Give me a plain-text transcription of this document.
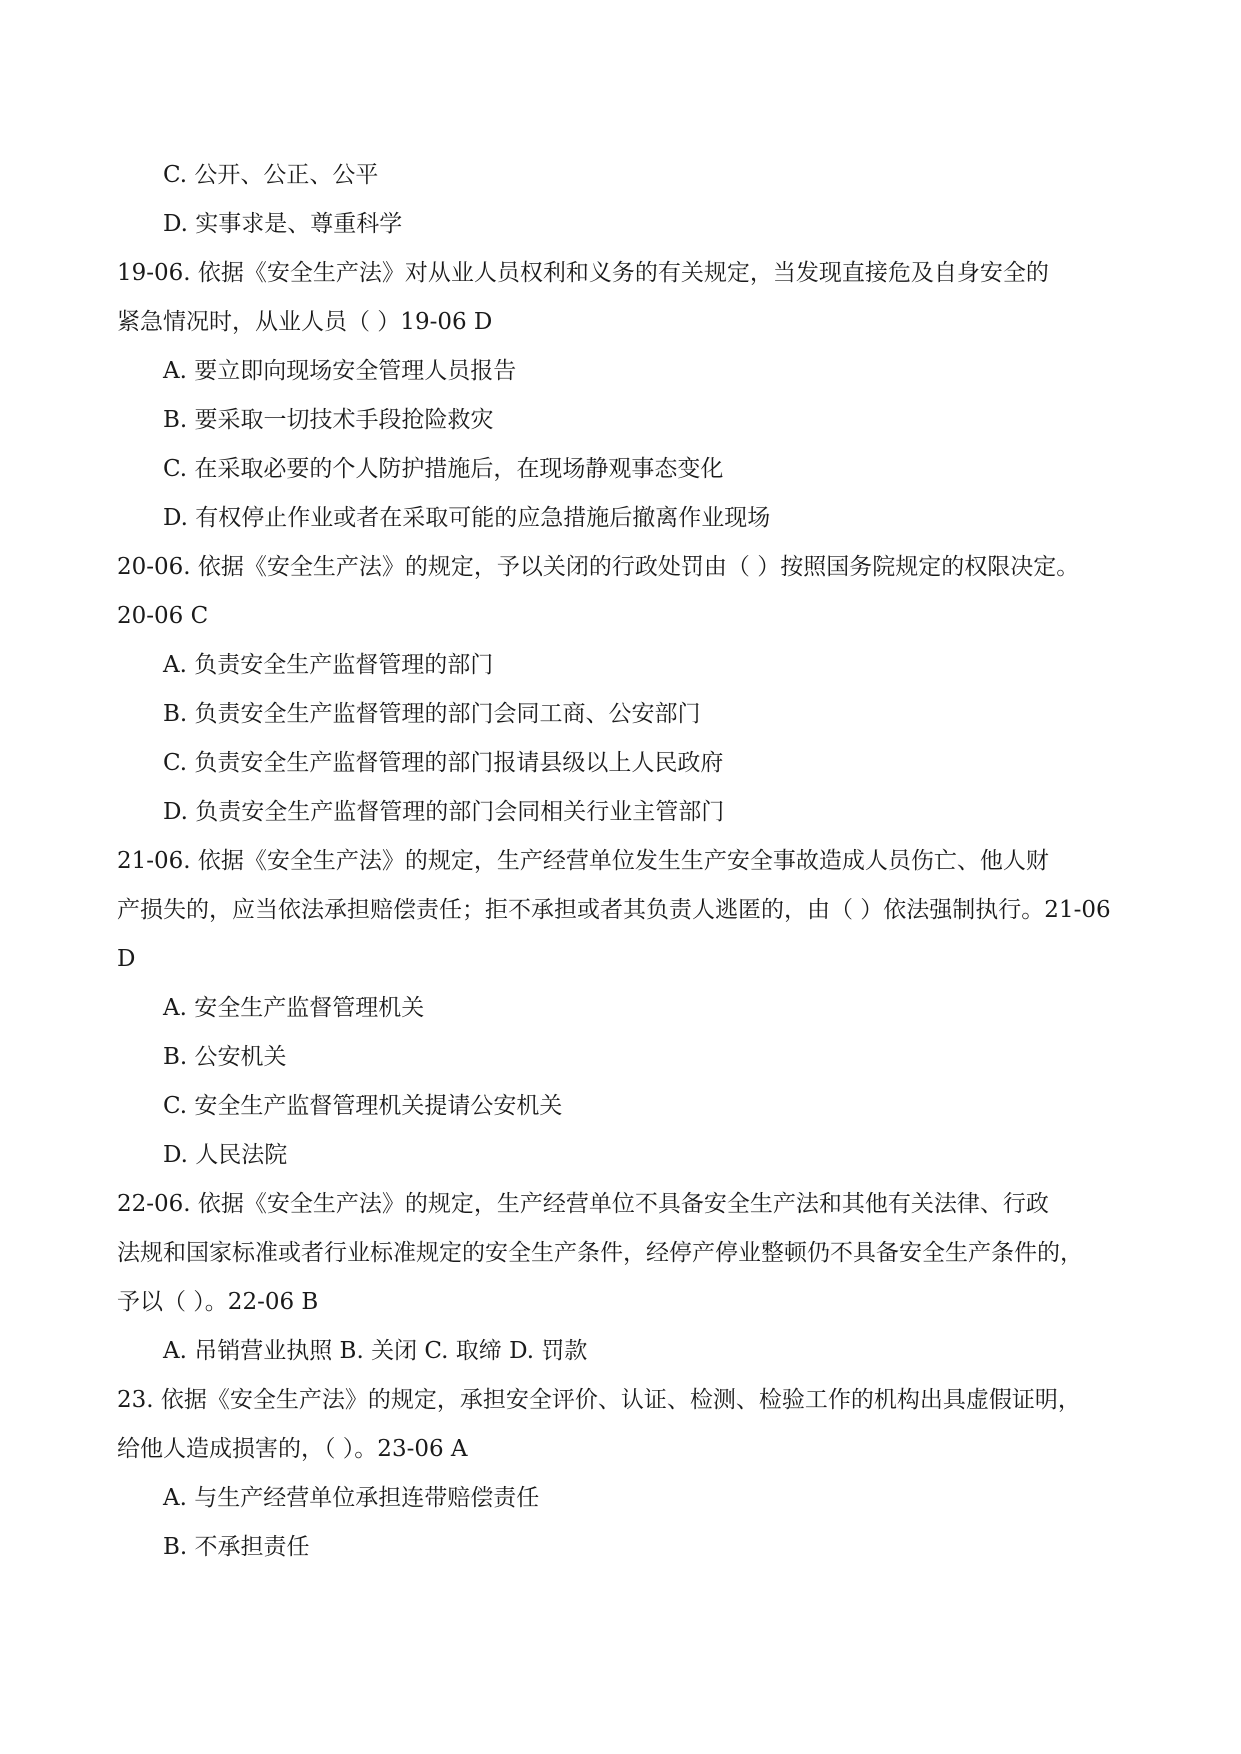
C. 公开、公正、公平
D. 实事求是、尊重科学
19-06. 依据《安全生产法》对从业人员权利和义务的有关规定，当发现直接危及自身安全的
紧急情况时，从业人员（ ）19-06 D
A. 要立即向现场安全管理人员报告
B. 要采取一切技术手段抢险救灾
C. 在采取必要的个人防护措施后，在现场静观事态变化
D. 有权停止作业或者在采取可能的应急措施后撤离作业现场
20-06. 依据《安全生产法》的规定，予以关闭的行政处罚由（ ）按照国务院规定的权限决定。
20-06 C
A. 负责安全生产监督管理的部门
B. 负责安全生产监督管理的部门会同工商、公安部门
C. 负责安全生产监督管理的部门报请县级以上人民政府
D. 负责安全生产监督管理的部门会同相关行业主管部门
21-06. 依据《安全生产法》的规定，生产经营单位发生生产安全事故造成人员伤亡、他人财
产损失的，应当依法承担赔偿责任；拒不承担或者其负责人逃匿的，由（ ）依法强制执行。21-06
D
A. 安全生产监督管理机关
B. 公安机关
C. 安全生产监督管理机关提请公安机关
D. 人民法院
22-06. 依据《安全生产法》的规定，生产经营单位不具备安全生产法和其他有关法律、行政
法规和国家标准或者行业标准规定的安全生产条件，经停产停业整顿仍不具备安全生产条件的，
予以（ ）。22-06 B
A. 吊销营业执照 B. 关闭 C. 取缔 D. 罚款
23. 依据《安全生产法》的规定，承担安全评价、认证、检测、检验工作的机构出具虚假证明，
给他人造成损害的，（ ）。23-06 A
A. 与生产经营单位承担连带赔偿责任
B. 不承担责任
